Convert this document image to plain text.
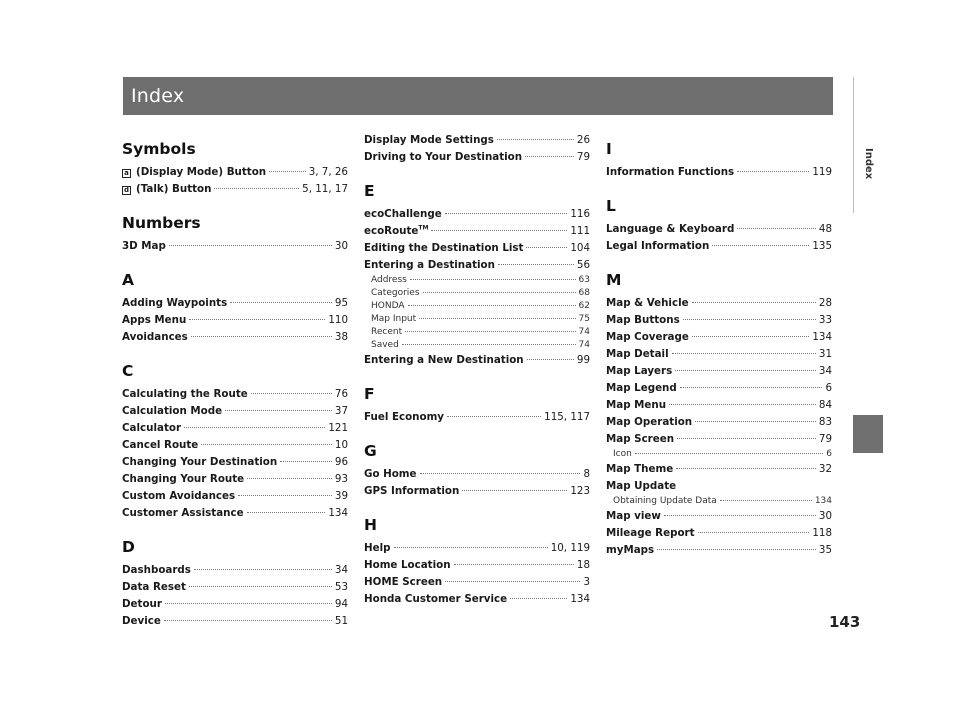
Index
Index
Symbols
a (Display Mode) Button	3, 7, 26
d (Talk) Button	5, 11, 17
Numbers
3D Map	30
A
Adding Waypoints	95
Apps Menu	110
Avoidances	38
C
Calculating the Route	76
Calculation Mode	37
Calculator	121
Cancel Route	10
Changing Your Destination	96
Changing Your Route	93
Custom Avoidances	39
Customer Assistance	134
D
Dashboards	34
Data Reset	53
Detour	94
Device	51
Display Mode Settings	26
Driving to Your Destination	79
E
ecoChallenge	116
ecoRoute™	111
Editing the Destination List	104
Entering a Destination	56
Address	63
Categories	68
HONDA	62
Map Input	75
Recent	74
Saved	74
Entering a New Destination	99
F
Fuel Economy	115, 117
G
Go Home	8
GPS Information	123
H
Help	10, 119
Home Location	18
HOME Screen	3
Honda Customer Service	134
I
Information Functions	119
L
Language & Keyboard	48
Legal Information	135
M
Map & Vehicle	28
Map Buttons	33
Map Coverage	134
Map Detail	31
Map Layers	34
Map Legend	6
Map Menu	84
Map Operation	83
Map Screen	79
Icon	6
Map Theme	32
Map Update
Obtaining Update Data	134
Map view	30
Mileage Report	118
myMaps	35
143
